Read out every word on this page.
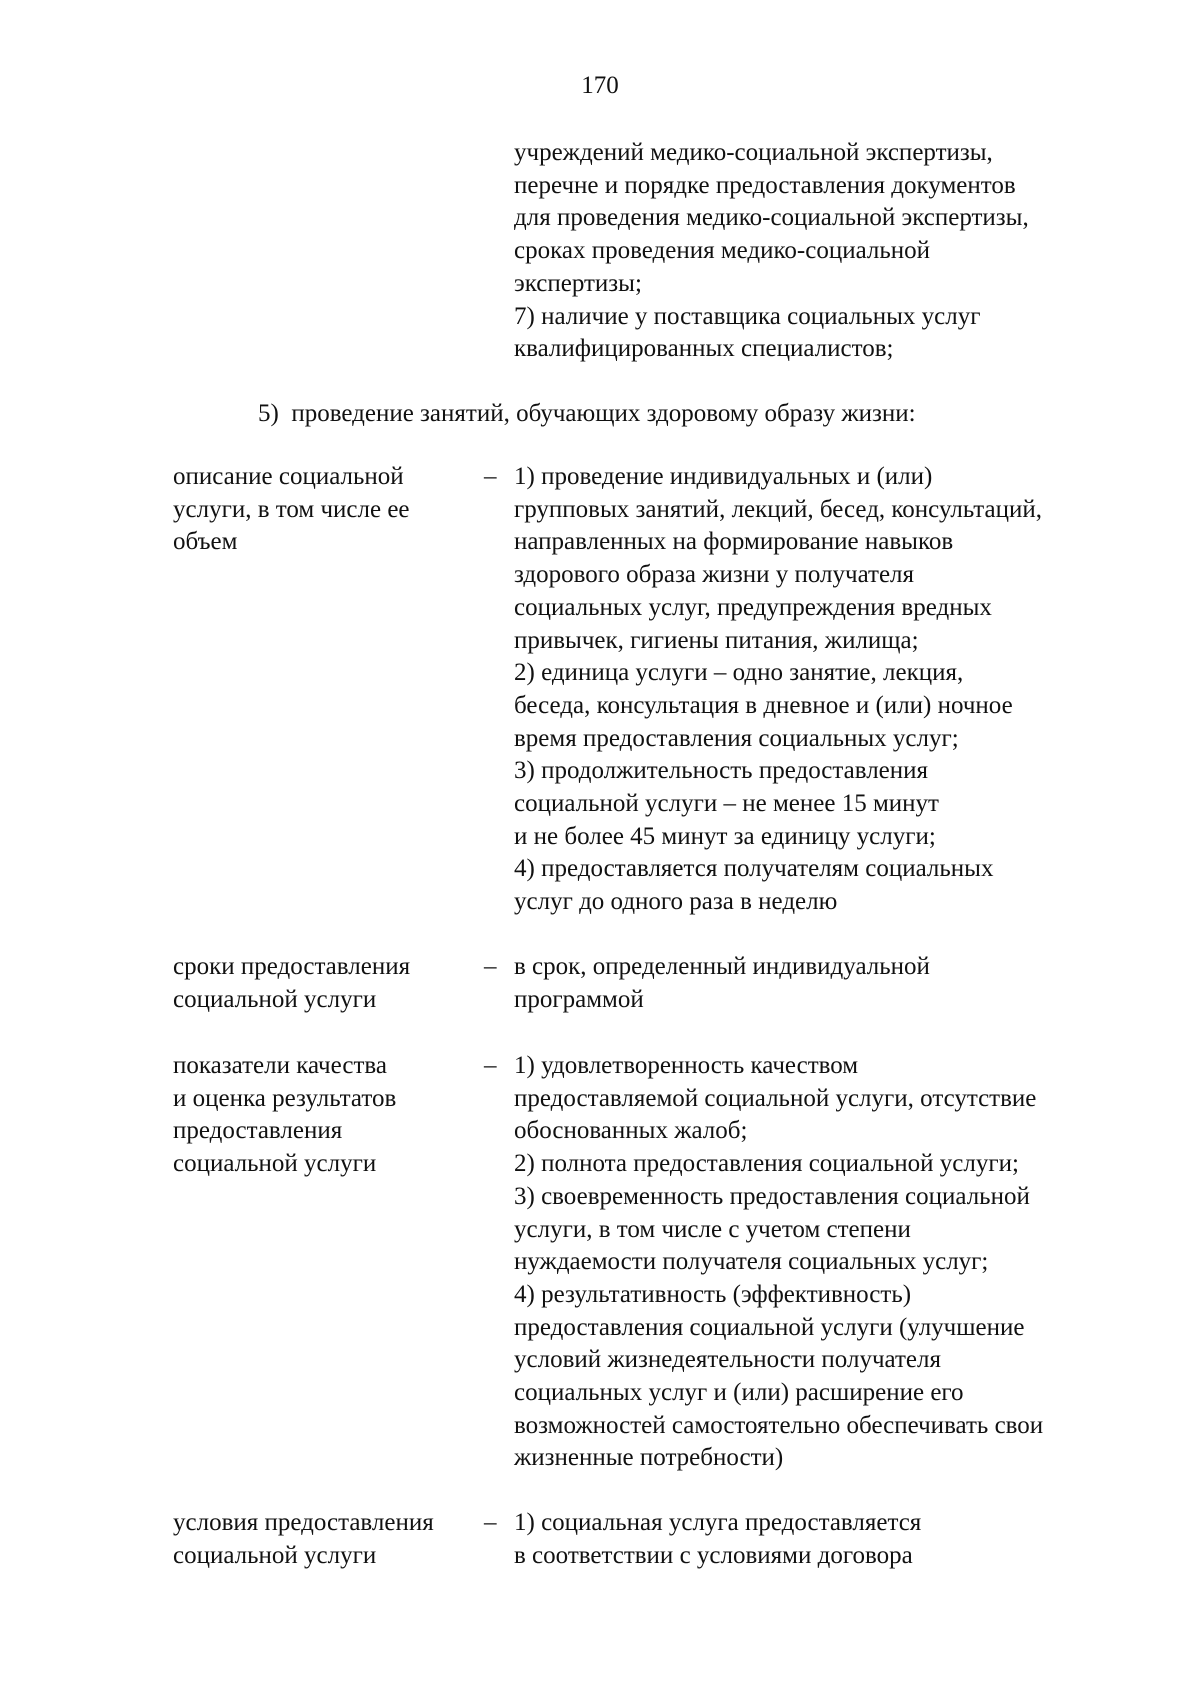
170
учреждений медико-социальной экспертизы,
перечне и порядке предоставления документов
для проведения медико-социальной экспертизы,
сроках проведения медико-социальной
экспертизы;
7) наличие у поставщика социальных услуг
квалифицированных специалистов;
5)  проведение занятий, обучающих здоровому образу жизни:
описание социальной
услуги, в том числе ее
объем
– 1) проведение индивидуальных и (или)
групповых занятий, лекций, бесед, консультаций,
направленных на формирование навыков
здорового образа жизни у получателя
социальных услуг, предупреждения вредных
привычек, гигиены питания, жилища;
2) единица услуги – одно занятие, лекция,
беседа, консультация в дневное и (или) ночное
время предоставления социальных услуг;
3) продолжительность предоставления
социальной услуги – не менее 15 минут
и не более 45 минут за единицу услуги;
4) предоставляется получателям социальных
услуг до одного раза в неделю
сроки предоставления
социальной услуги
– в срок, определенный индивидуальной
программой
показатели качества
и оценка результатов
предоставления
социальной услуги
– 1) удовлетворенность качеством
предоставляемой социальной услуги, отсутствие
обоснованных жалоб;
2) полнота предоставления социальной услуги;
3) своевременность предоставления социальной
услуги, в том числе с учетом степени
нуждаемости получателя социальных услуг;
4) результативность (эффективность)
предоставления социальной услуги (улучшение
условий жизнедеятельности получателя
социальных услуг и (или) расширение его
возможностей самостоятельно обеспечивать свои
жизненные потребности)
условия предоставления
социальной услуги
– 1) социальная услуга предоставляется
в соответствии с условиями договора
